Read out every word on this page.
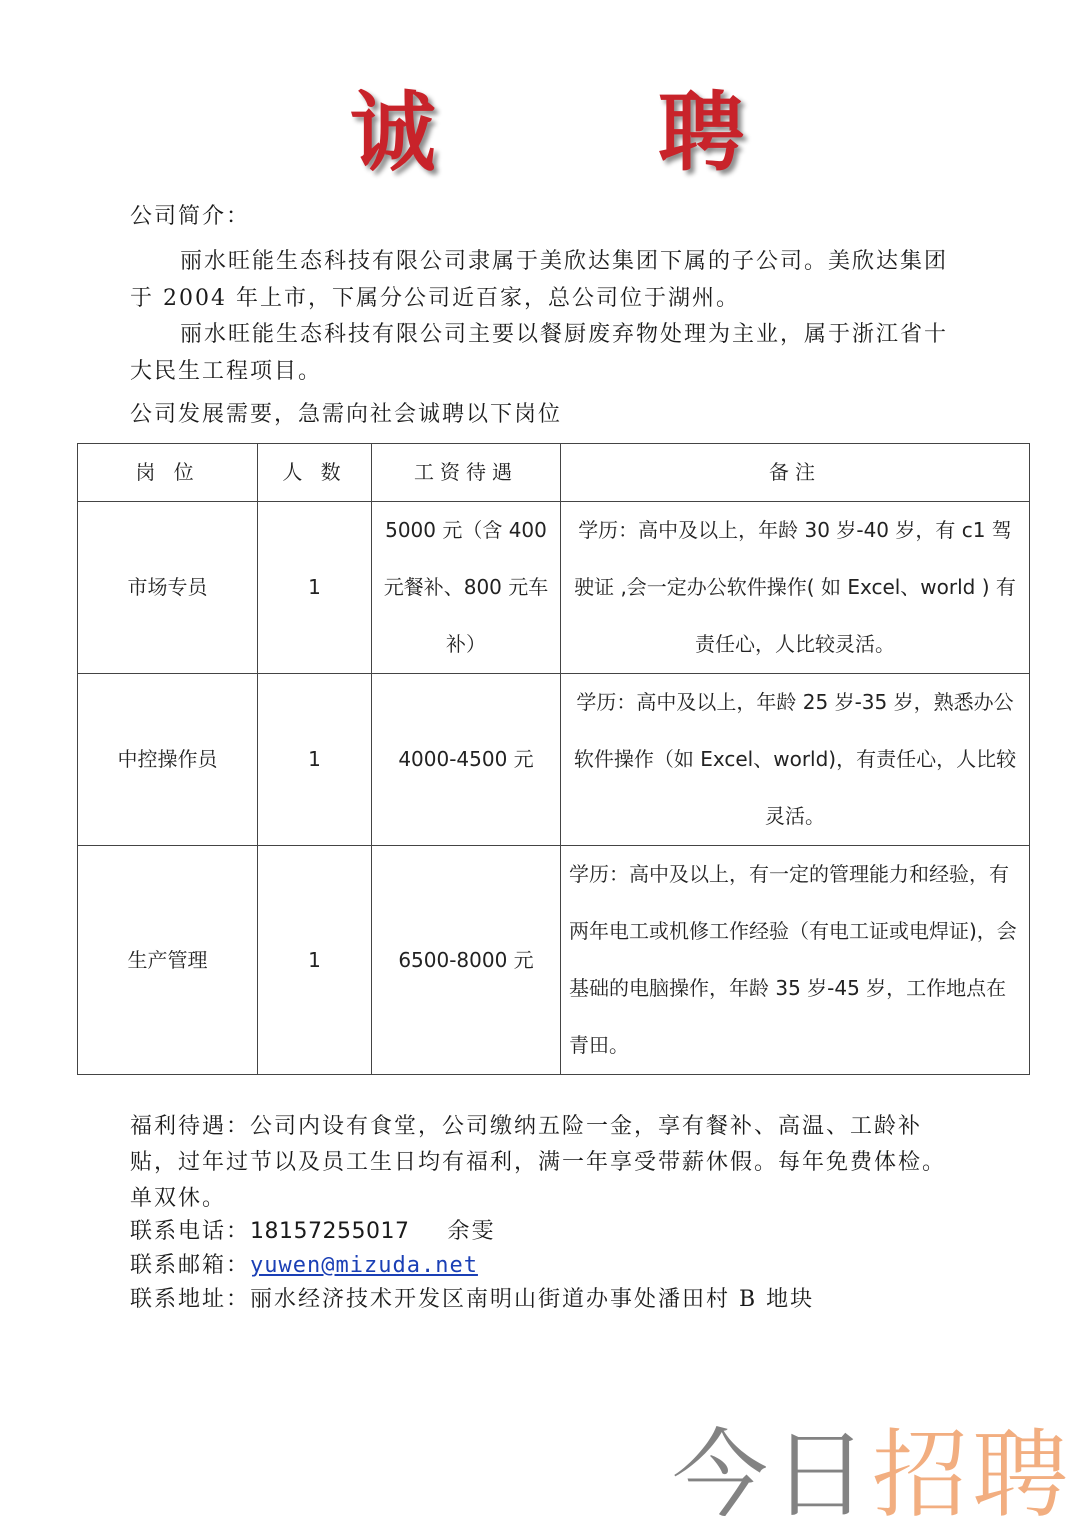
诚	聘
公司简介：
丽水旺能生态科技有限公司隶属于美欣达集团下属的子公司。美欣达集团于 2004 年上市，下属分公司近百家，总公司位于湖州。
丽水旺能生态科技有限公司主要以餐厨废弃物处理为主业，属于浙江省十大民生工程项目。
公司发展需要，急需向社会诚聘以下岗位
岗 位	人 数	工资待遇	备注
市场专员	1	5000 元（含 400 元餐补、800 元车补）	学历：高中及以上，年龄 30 岁-40 岁，有 c1 驾驶证 ,会一定办公软件操作( 如 Excel、world ) 有责任心，人比较灵活。
中控操作员	1	4000-4500 元	学历：高中及以上，年龄 25 岁-35 岁，熟悉办公软件操作（如 Excel、world)，有责任心，人比较灵活。
生产管理	1	6500-8000 元	学历：高中及以上，有一定的管理能力和经验，有两年电工或机修工作经验（有电工证或电焊证)，会基础的电脑操作，年龄 35 岁-45 岁，工作地点在青田。
福利待遇：公司内设有食堂，公司缴纳五险一金，享有餐补、高温、工龄补贴，过年过节以及员工生日均有福利，满一年享受带薪休假。每年免费体检。单双休。
联系电话：18157255017 余雯
联系邮箱：yuwen@mizuda.net
联系地址：丽水经济技术开发区南明山街道办事处潘田村 B 地块
今日招聘
